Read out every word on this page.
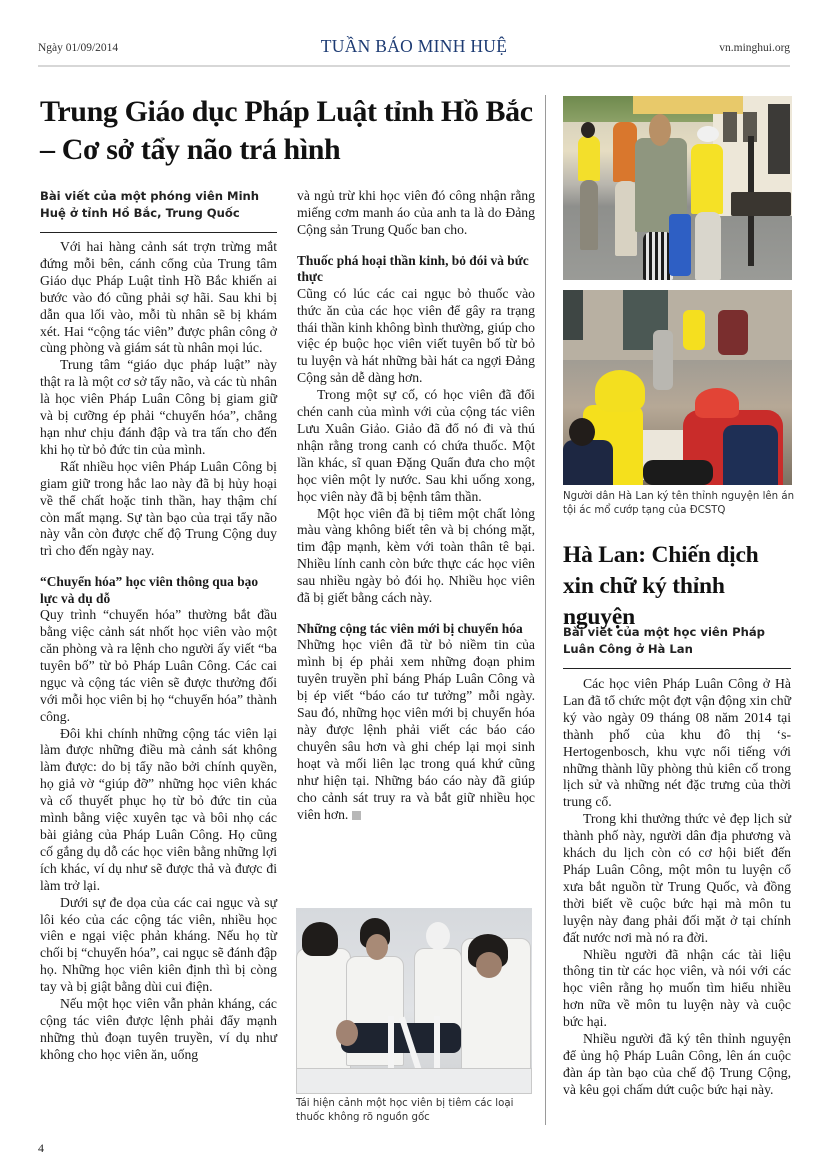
Ngày 01/09/2014	TUẦN BÁO MINH HUỆ	vn.minghui.org
Trung Giáo dục Pháp Luật tỉnh Hồ Bắc – Cơ sở tẩy não trá hình
Bài viết của một phóng viên Minh Huệ ở tỉnh Hồ Bắc, Trung Quốc

Với hai hàng cảnh sát trợn trừng mắt đứng mỗi bên, cánh cổng của Trung tâm Giáo dục Pháp Luật tỉnh Hồ Bắc khiến ai bước vào đó cũng phải sợ hãi. Sau khi bị dẫn qua lối vào, mỗi tù nhân sẽ bị khám xét. Hai “cộng tác viên” được phân công ở cùng phòng và giám sát tù nhân mọi lúc.

Trung tâm “giáo dục pháp luật” này thật ra là một cơ sở tẩy não, và các tù nhân là học viên Pháp Luân Công bị giam giữ và bị cưỡng ép phải “chuyển hóa”, chẳng hạn như chịu đánh đập và tra tấn cho đến khi họ từ bỏ đức tin của mình.

Rất nhiều học viên Pháp Luân Công bị giam giữ trong hắc lao này đã bị hủy hoại về thể chất hoặc tinh thần, hay thậm chí còn mất mạng. Sự tàn bạo của trại tẩy não này vẫn còn được chế độ Trung Cộng duy trì cho đến ngày nay.

“Chuyển hóa” học viên thông qua bạo lực và dụ dỗ

Quy trình “chuyển hóa” thường bắt đầu bằng việc cảnh sát nhốt học viên vào một căn phòng và ra lệnh cho người ấy viết “ba tuyên bố” từ bỏ Pháp Luân Công. Các cai ngục và cộng tác viên sẽ được thưởng đối với mỗi học viên bị họ “chuyển hóa” thành công.

Đôi khi chính những cộng tác viên lại làm được những điều mà cảnh sát không làm được: do bị tẩy não bởi chính quyền, họ giả vờ “giúp đỡ” những học viên khác và cố thuyết phục họ từ bỏ đức tin của mình bằng việc xuyên tạc và bôi nhọ các bài giảng của Pháp Luân Công. Họ cũng cố gắng dụ dỗ các học viên bằng những lợi ích khác, ví dụ như sẽ được thả và được đi làm trở lại.

Dưới sự đe dọa của các cai ngục và sự lôi kéo của các cộng tác viên, nhiều học viên e ngại việc phản kháng. Nếu họ từ chối bị “chuyển hóa”, cai ngục sẽ đánh đập họ. Những học viên kiên định thì bị còng tay và bị giật bằng dùi cui điện.

Nếu một học viên vẫn phản kháng, các cộng tác viên được lệnh phải đẩy mạnh những thủ đoạn tuyên truyền, ví dụ như không cho học viên ăn, uống

và ngủ trừ khi học viên đó công nhận rằng miếng cơm manh áo của anh ta là do Đảng Cộng sản Trung Quốc ban cho.

Thuốc phá hoại thần kinh, bỏ đói và bức thực

Cũng có lúc các cai ngục bỏ thuốc vào thức ăn của các học viên để gây ra trạng thái thần kinh không bình thường, giúp cho việc ép buộc học viên viết tuyên bố từ bỏ tu luyện và hát những bài hát ca ngợi Đảng Cộng sản dễ dàng hơn.

Trong một sự cố, có học viên đã đổi chén canh của mình với của cộng tác viên Lưu Xuân Giảo. Giảo đã đổ nó đi và thú nhận rằng trong canh có chứa thuốc. Một lần khác, sĩ quan Đặng Quẩn đưa cho một học viên một ly nước. Sau khi uống xong, học viên này đã bị bệnh tâm thần.

Một học viên đã bị tiêm một chất lỏng màu vàng không biết tên và bị chóng mặt, tim đập mạnh, kèm với toàn thân tê bại. Nhiều lính canh còn bức thực các học viên sau nhiều ngày bỏ đói họ. Nhiều học viên đã bị giết bằng cách này.

Những cộng tác viên mới bị chuyển hóa

Những học viên đã từ bỏ niềm tin của mình bị ép phải xem những đoạn phim tuyên truyền phỉ báng Pháp Luân Công và bị ép viết “báo cáo tư tưởng” mỗi ngày. Sau đó, những học viên mới bị chuyển hóa này được lệnh phải viết các báo cáo chuyên sâu hơn và ghi chép lại mọi sinh hoạt và mối liên lạc trong quá khứ cũng như hiện tại. Những báo cáo này đã giúp cho cảnh sát truy ra và bắt giữ nhiều học viên hơn.

Tái hiện cảnh một học viên bị tiêm các loại thuốc không rõ nguồn gốc
Người dân Hà Lan ký tên thỉnh nguyện lên án tội ác mổ cướp tạng của ĐCSTQ
Hà Lan: Chiến dịch xin chữ ký thỉnh nguyện
Bài viết của một học viên Pháp Luân Công ở Hà Lan

Các học viên Pháp Luân Công ở Hà Lan đã tổ chức một đợt vận động xin chữ ký vào ngày 09 tháng 08 năm 2014 tại thành phố của khu đô thị ‘s-Hertogenbosch, khu vực nổi tiếng với những thành lũy phòng thủ kiên cố trong lịch sử và những nét đặc trưng của thời trung cổ.

Trong khi thưởng thức vẻ đẹp lịch sử thành phố này, người dân địa phương và khách du lịch còn có cơ hội biết đến Pháp Luân Công, một môn tu luyện cổ xưa bắt nguồn từ Trung Quốc, và đồng thời biết về cuộc bức hại mà môn tu luyện này đang phải đối mặt ở tại chính đất nước nơi mà nó ra đời.

Nhiều người đã nhận các tài liệu thông tin từ các học viên, và nói với các học viên rằng họ muốn tìm hiểu nhiều hơn nữa về môn tu luyện này và cuộc bức hại.

Nhiều người đã ký tên thỉnh nguyện để ủng hộ Pháp Luân Công, lên án cuộc đàn áp tàn bạo của chế độ Trung Cộng, và kêu gọi chấm dứt cuộc bức hại này.

4
